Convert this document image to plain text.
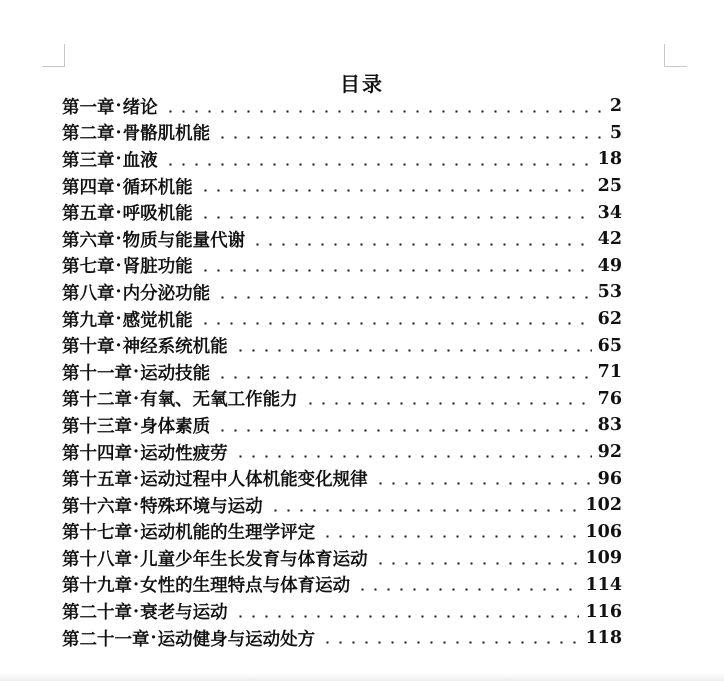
目录
第一章 · 绪论	2
第二章 · 骨骼肌机能	5
第三章 · 血液	18
第四章 · 循环机能	25
第五章 · 呼吸机能	34
第六章 · 物质与能量代谢	42
第七章 · 肾脏功能	49
第八章 · 内分泌功能	53
第九章 · 感觉机能	62
第十章 · 神经系统机能	65
第十一章 · 运动技能	71
第十二章 · 有氧、无氧工作能力	76
第十三章 · 身体素质	83
第十四章 · 运动性疲劳	92
第十五章 · 运动过程中人体机能变化规律	96
第十六章 · 特殊环境与运动	102
第十七章 · 运动机能的生理学评定	106
第十八章 · 儿童少年生长发育与体育运动	109
第十九章 · 女性的生理特点与体育运动	114
第二十章 · 衰老与运动	116
第二十一章 · 运动健身与运动处方	118
